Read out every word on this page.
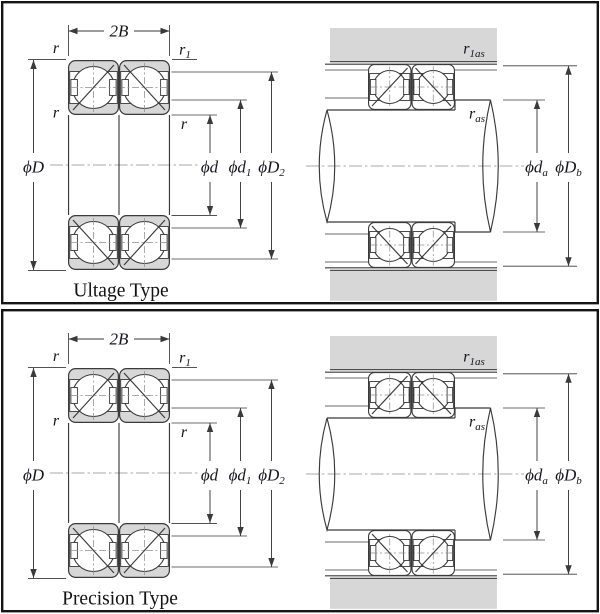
2B
r	$r_1$
r
r
ϕD	ϕd $\phi d_1$ $\phi D_2$
$r_{1as}$
$r_{as}$
$\phi d_a$ $\phi D_b$
Ultage Type
2B
r	$r_1$
r
r
ϕD	ϕd $\phi d_1$ $\phi D_2$
$r_{1as}$
$r_{as}$
$\phi d_a$ $\phi D_b$
Precision Type
